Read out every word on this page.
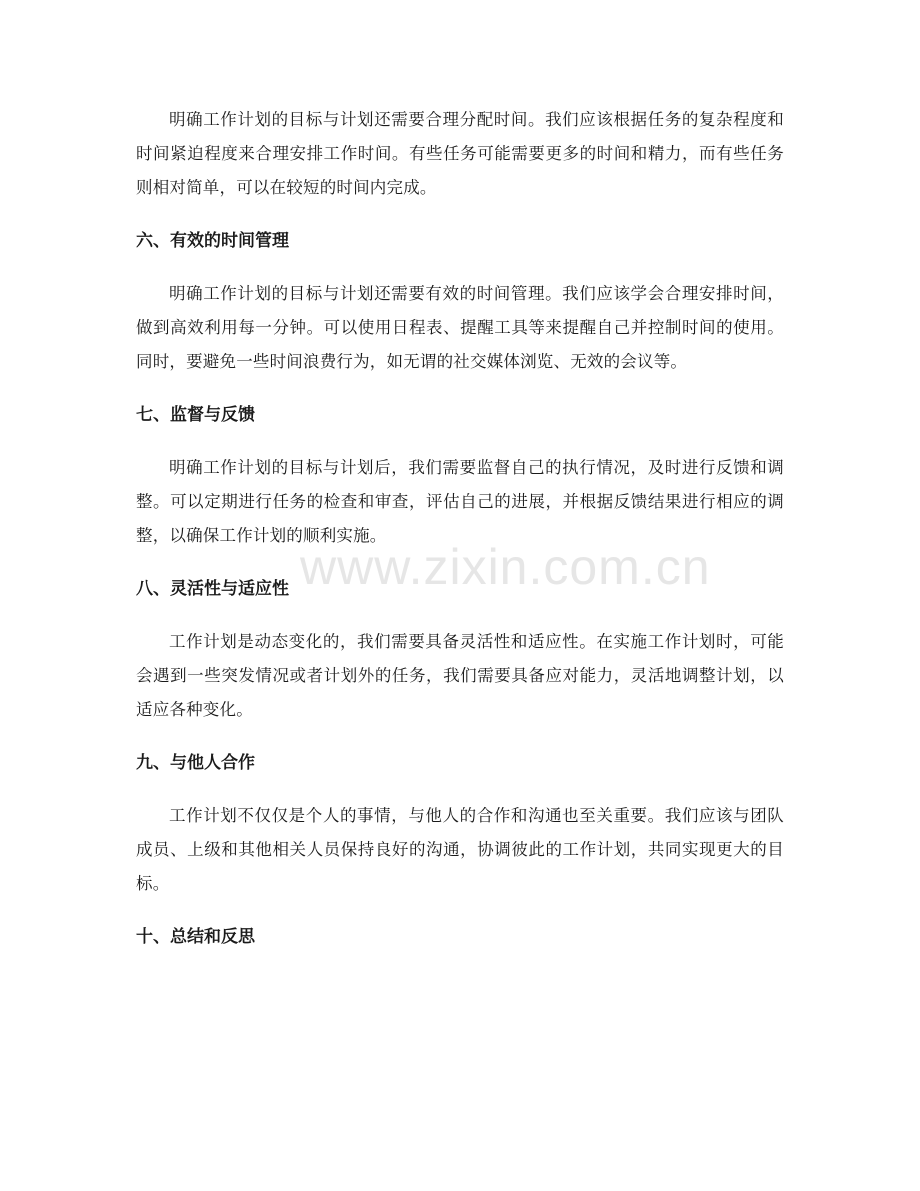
www.zixin.com.cn

明确工作计划的目标与计划还需要合理分配时间。我们应该根据任务的复杂程度和时间紧迫程度来合理安排工作时间。有些任务可能需要更多的时间和精力，而有些任务则相对简单，可以在较短的时间内完成。

六、有效的时间管理

明确工作计划的目标与计划还需要有效的时间管理。我们应该学会合理安排时间，做到高效利用每一分钟。可以使用日程表、提醒工具等来提醒自己并控制时间的使用。同时，要避免一些时间浪费行为，如无谓的社交媒体浏览、无效的会议等。

七、监督与反馈

明确工作计划的目标与计划后，我们需要监督自己的执行情况，及时进行反馈和调整。可以定期进行任务的检查和审查，评估自己的进展，并根据反馈结果进行相应的调整，以确保工作计划的顺利实施。

八、灵活性与适应性

工作计划是动态变化的，我们需要具备灵活性和适应性。在实施工作计划时，可能会遇到一些突发情况或者计划外的任务，我们需要具备应对能力，灵活地调整计划，以适应各种变化。

九、与他人合作

工作计划不仅仅是个人的事情，与他人的合作和沟通也至关重要。我们应该与团队成员、上级和其他相关人员保持良好的沟通，协调彼此的工作计划，共同实现更大的目标。

十、总结和反思
